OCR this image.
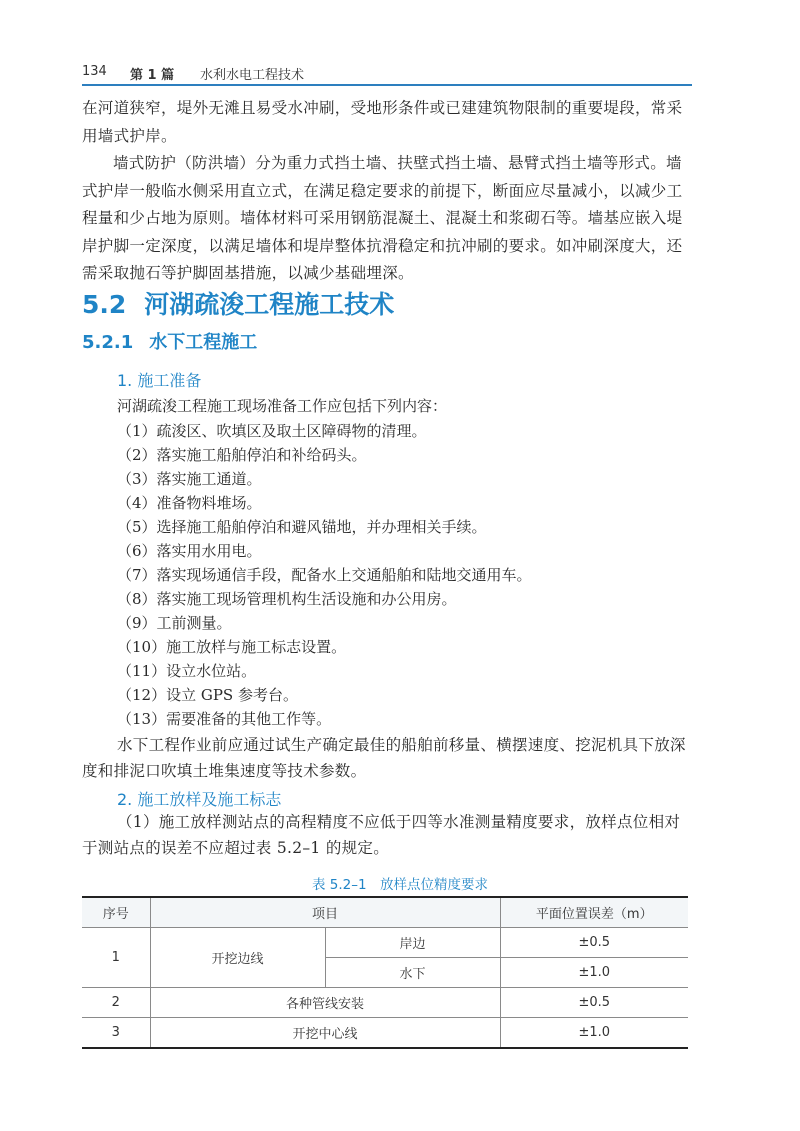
134 第 1 篇 水利水电工程技术

在河道狭窄，堤外无滩且易受水冲刷，受地形条件或已建建筑物限制的重要堤段，常采用墙式护岸。

墙式防护（防洪墙）分为重力式挡土墙、扶壁式挡土墙、悬臂式挡土墙等形式。墙式护岸一般临水侧采用直立式，在满足稳定要求的前提下，断面应尽量减小，以减少工程量和少占地为原则。墙体材料可采用钢筋混凝土、混凝土和浆砌石等。墙基应嵌入堤岸护脚一定深度，以满足墙体和堤岸整体抗滑稳定和抗冲刷的要求。如冲刷深度大，还需采取抛石等护脚固基措施，以减少基础埋深。

5.2 河湖疏浚工程施工技术
5.2.1 水下工程施工
1. 施工准备
河湖疏浚工程施工现场准备工作应包括下列内容：
（1）疏浚区、吹填区及取土区障碍物的清理。
（2）落实施工船舶停泊和补给码头。
（3）落实施工通道。
（4）准备物料堆场。
（5）选择施工船舶停泊和避风锚地，并办理相关手续。
（6）落实用水用电。
（7）落实现场通信手段，配备水上交通船舶和陆地交通用车。
（8）落实施工现场管理机构生活设施和办公用房。
（9）工前测量。
（10）施工放样与施工标志设置。
（11）设立水位站。
（12）设立 GPS 参考台。
（13）需要准备的其他工作等。

水下工程作业前应通过试生产确定最佳的船舶前移量、横摆速度、挖泥机具下放深度和排泥口吹填土堆集速度等技术参数。

2. 施工放样及施工标志

（1）施工放样测站点的高程精度不应低于四等水准测量精度要求，放样点位相对于测站点的误差不应超过表 5.2–1 的规定。

表 5.2–1　放样点位精度要求
序号	项目		平面位置误差（m）
1	开挖边线	岸边	±0.5
		水下	±1.0
2	各种管线安装		±0.5
3	开挖中心线		±1.0
